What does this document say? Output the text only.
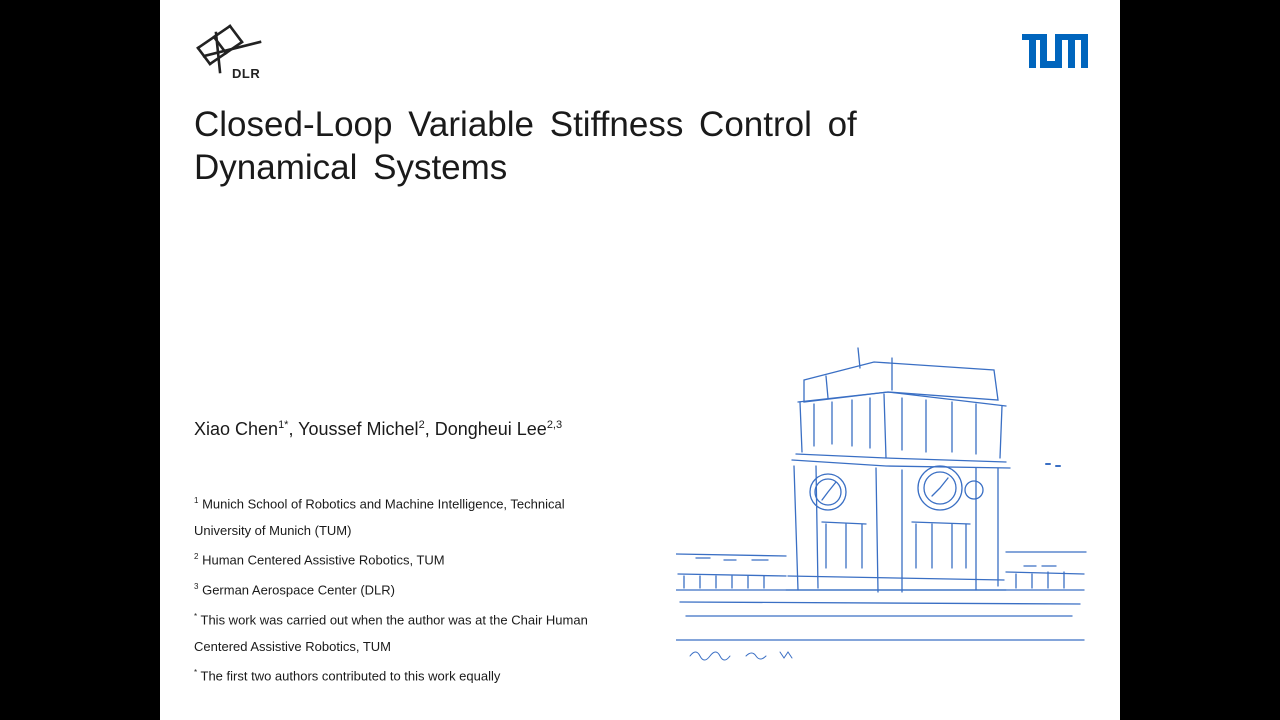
DLR
Closed-Loop Variable Stiffness Control of
Dynamical Systems
Xiao Chen$^{1*}$, Youssef Michel$^2$, Dongheui Lee$^{2,3}$
$^1$ Munich School of Robotics and Machine Intelligence, Technical
University of Munich (TUM)
$^2$ Human Centered Assistive Robotics, TUM
$^3$ German Aerospace Center (DLR)
* This work was carried out when the author was at the Chair Human
Centered Assistive Robotics, TUM
* The first two authors contributed to this work equally
